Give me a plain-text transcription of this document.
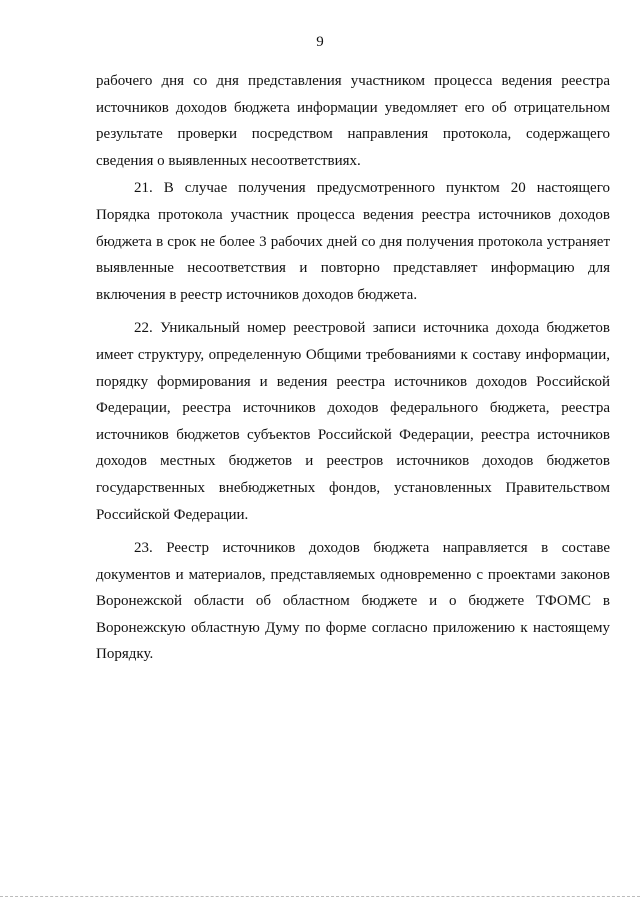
9

рабочего дня со дня представления участником процесса ведения реестра источников доходов бюджета информации уведомляет его об отрицательном результате проверки посредством направления протокола, содержащего сведения о выявленных несоответствиях.

21. В случае получения предусмотренного пунктом 20 настоящего Порядка протокола участник процесса ведения реестра источников доходов бюджета в срок не более 3 рабочих дней со дня получения протокола устраняет выявленные несоответствия и повторно представляет информацию для включения в реестр источников доходов бюджета.

22. Уникальный номер реестровой записи источника дохода бюджетов имеет структуру, определенную Общими требованиями к составу информации, порядку формирования и ведения реестра источников доходов Российской Федерации, реестра источников доходов федерального бюджета, реестра источников бюджетов субъектов Российской Федерации, реестра источников доходов местных бюджетов и реестров источников доходов бюджетов государственных внебюджетных фондов, установленных Правительством Российской Федерации.

23. Реестр источников доходов бюджета направляется в составе документов и материалов, представляемых одновременно с проектами законов Воронежской области об областном бюджете и о бюджете ТФОМС в Воронежскую областную Думу по форме согласно приложению к настоящему Порядку.
